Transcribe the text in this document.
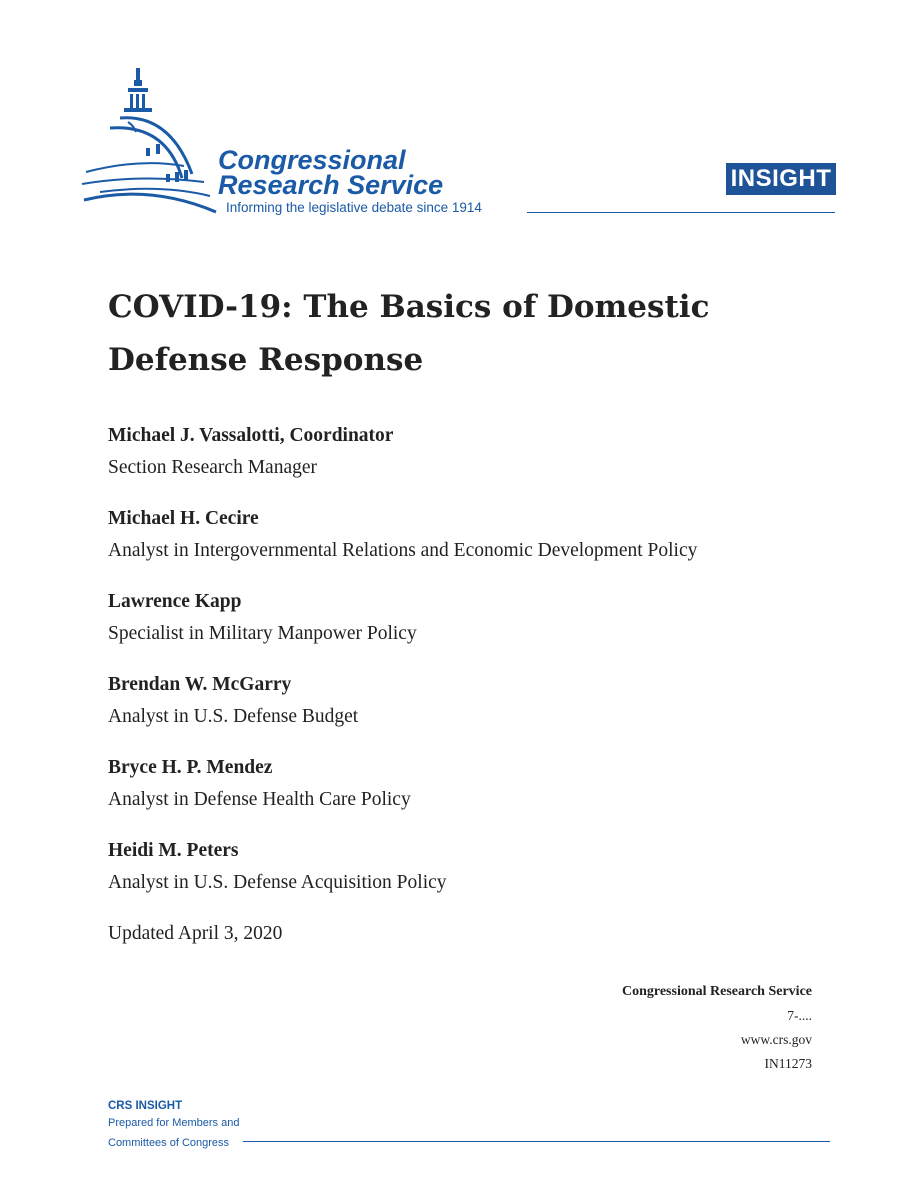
Congressional
Research Service
Informing the legislative debate since 1914
INSIGHT
COVID-19: The Basics of Domestic Defense Response
Michael J. Vassalotti, Coordinator
Section Research Manager
Michael H. Cecire
Analyst in Intergovernmental Relations and Economic Development Policy
Lawrence Kapp
Specialist in Military Manpower Policy
Brendan W. McGarry
Analyst in U.S. Defense Budget
Bryce H. P. Mendez
Analyst in Defense Health Care Policy
Heidi M. Peters
Analyst in U.S. Defense Acquisition Policy
Updated April 3, 2020
Congressional Research Service
7-....
www.crs.gov
IN11273
CRS INSIGHT
Prepared for Members and
Committees of Congress
